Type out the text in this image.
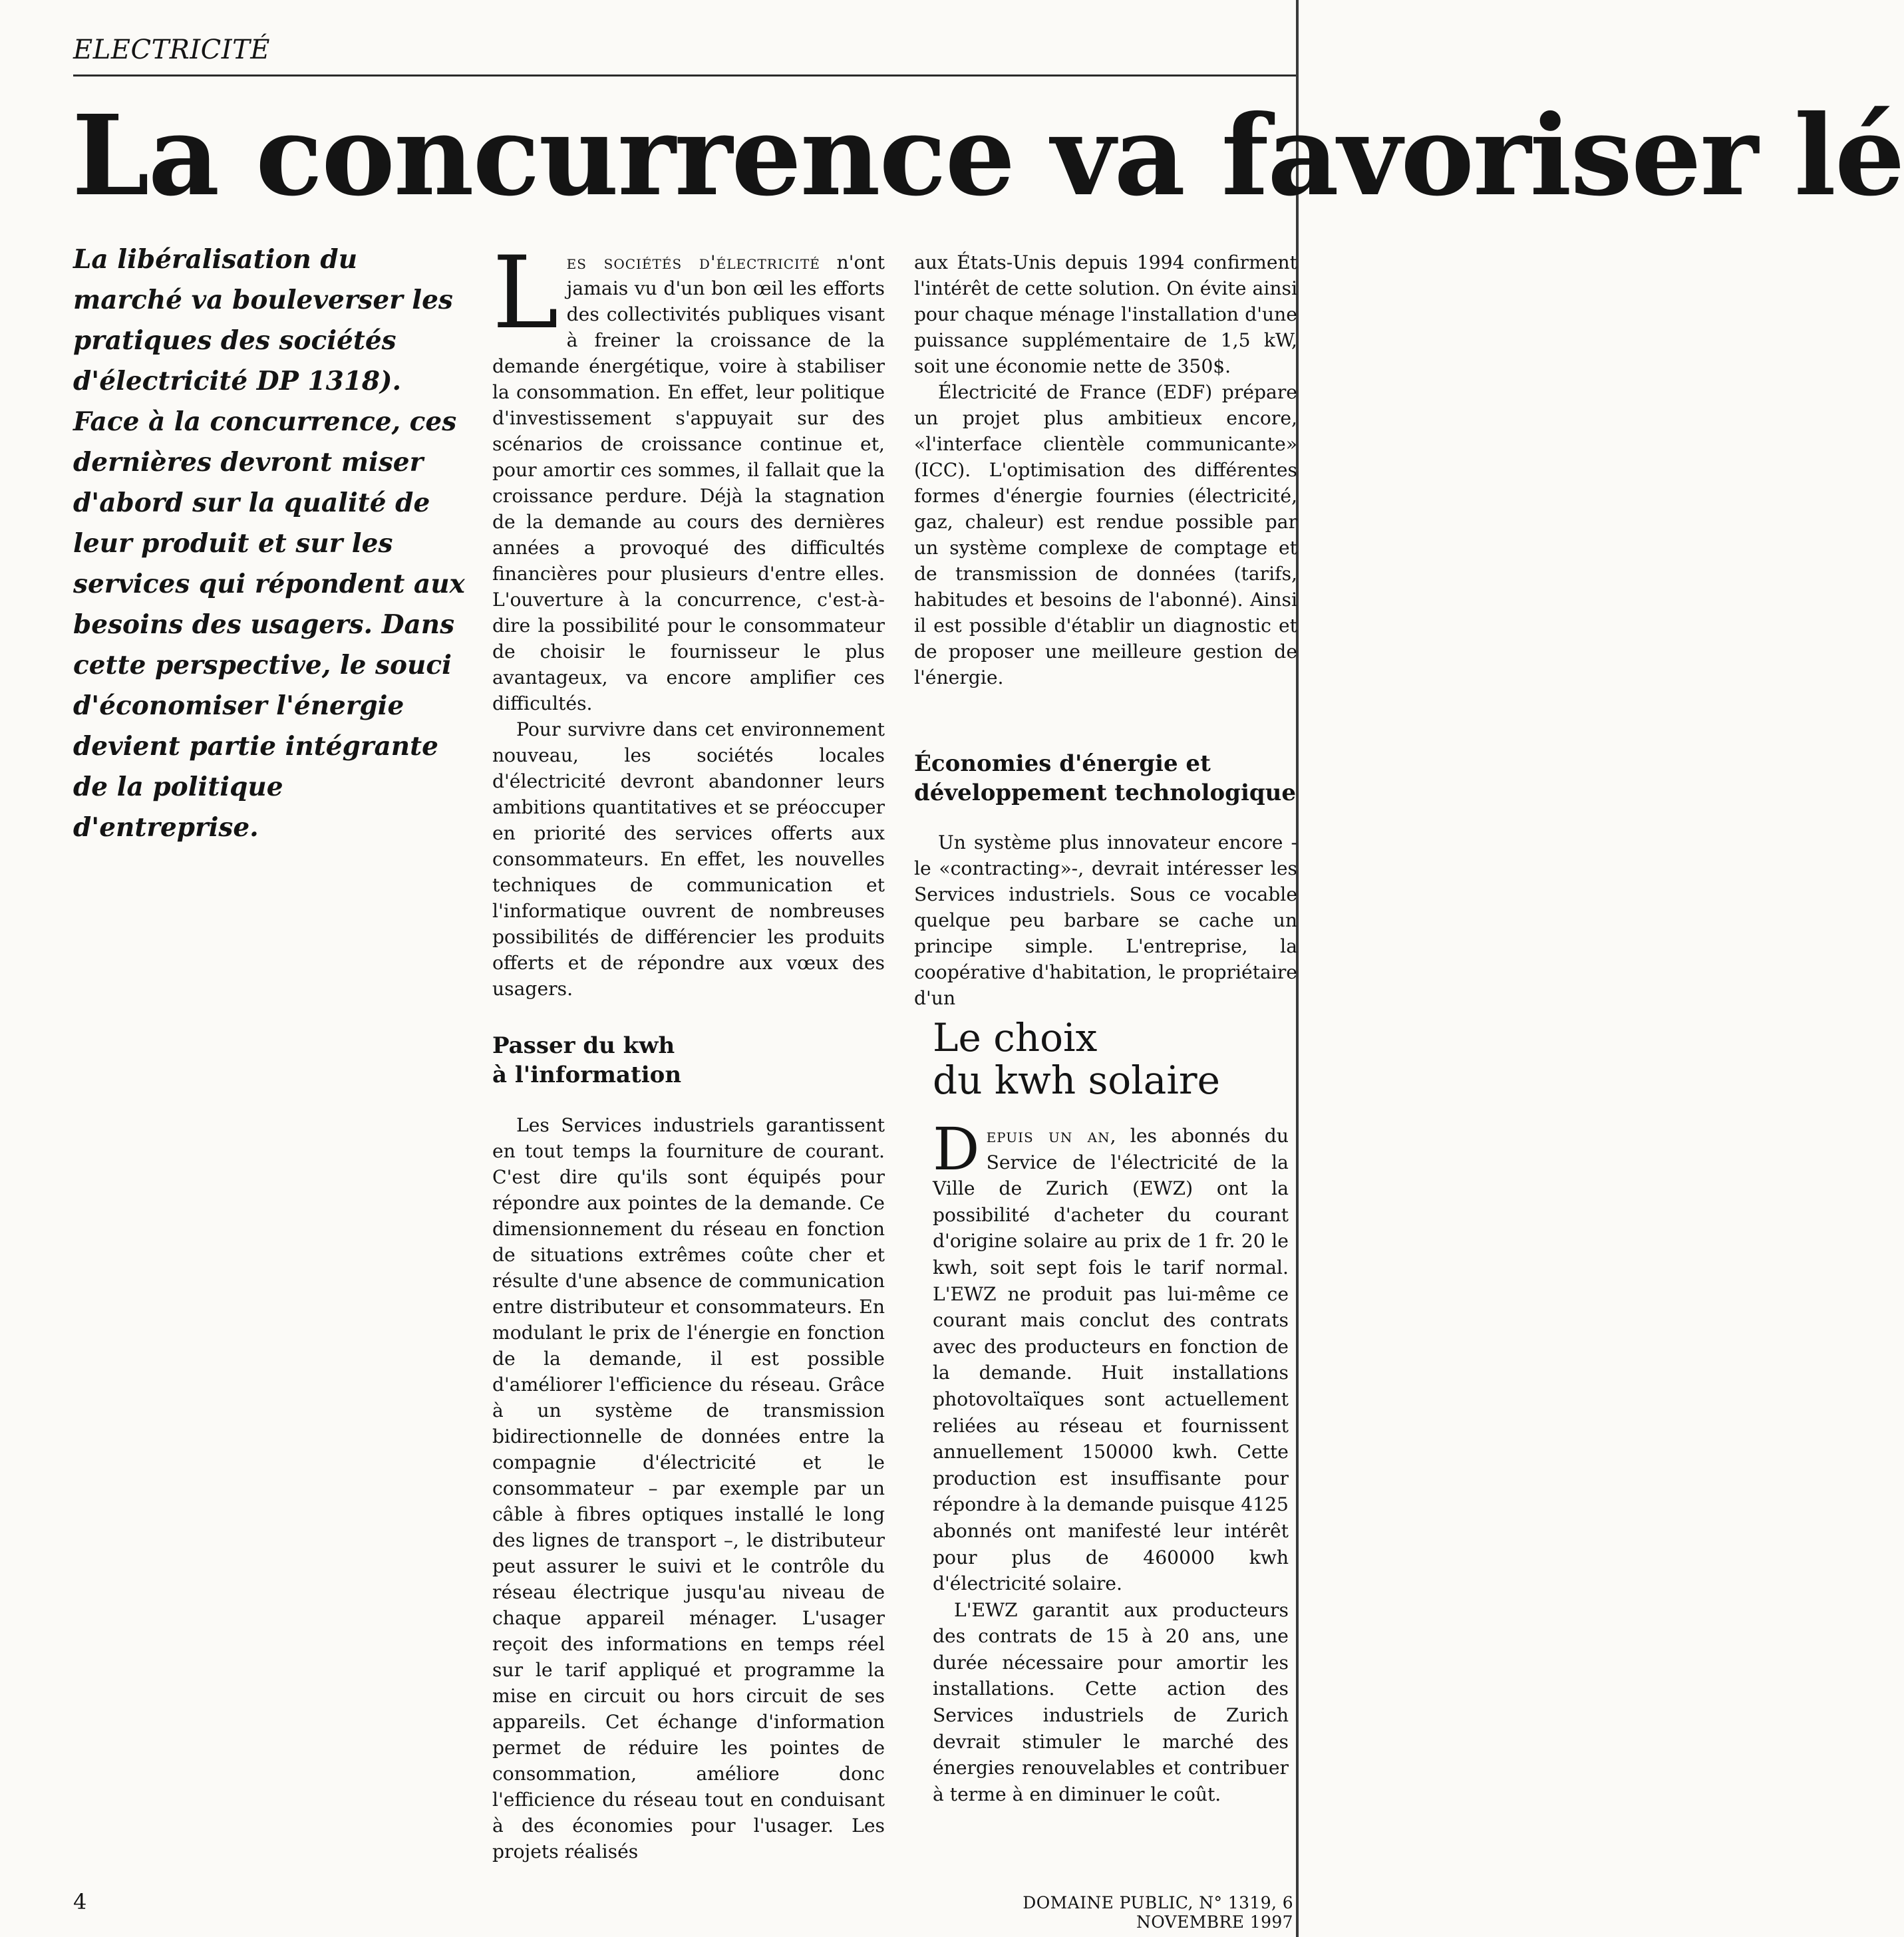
ELECTRICITÉ
La concurrence va favoriser lé

La libéralisation du marché va bouleverser les pratiques des sociétés d'électricité DP 1318).

Face à la concurrence, ces dernières devront miser d'abord sur la qualité de leur produit et sur les services qui répondent aux besoins des usagers. Dans cette perspective, le souci d'économiser l'énergie devient partie intégrante de la politique d'entreprise.

Les sociétés d'électricité n'ont jamais vu d'un bon œil les efforts des collectivités publiques visant à freiner la croissance de la demande énergétique, voire à stabiliser la consommation. En effet, leur politique d'investissement s'appuyait sur des scénarios de croissance continue et, pour amortir ces sommes, il fallait que la croissance perdure. Déjà la stagnation de la demande au cours des dernières années a provoqué des difficultés financières pour plusieurs d'entre elles. L'ouverture à la concurrence, c'est-à-dire la possibilité pour le consommateur de choisir le fournisseur le plus avantageux, va encore amplifier ces difficultés.

Pour survivre dans cet environnement nouveau, les sociétés locales d'électricité devront abandonner leurs ambitions quantitatives et se préoccuper en priorité des services offerts aux consommateurs. En effet, les nouvelles techniques de communication et l'informatique ouvrent de nombreuses possibilités de différencier les produits offerts et de répondre aux vœux des usagers.

Passer du kwh

à l'information

Les Services industriels garantissent en tout temps la fourniture de courant. C'est dire qu'ils sont équipés pour répondre aux pointes de la demande. Ce dimensionnement du réseau en fonction de situations extrêmes coûte cher et résulte d'une absence de communication entre distributeur et consommateurs. En modulant le prix de l'énergie en fonction de la demande, il est possible d'améliorer l'efficience du réseau. Grâce à un système de transmission bidirectionnelle de données entre la compagnie d'électricité et le consommateur – par exemple par un câble à fibres optiques installé le long des lignes de transport –, le distributeur peut assurer le suivi et le contrôle du réseau électrique jusqu'au niveau de chaque appareil ménager. L'usager reçoit des informations en temps réel sur le tarif appliqué et programme la mise en circuit ou hors circuit de ses appareils. Cet échange d'information permet de réduire les pointes de consommation, améliore donc l'efficience du réseau tout en conduisant à des économies pour l'usager. Les projets réalisés

aux États-Unis depuis 1994 confirment l'intérêt de cette solution. On évite ainsi pour chaque ménage l'installation d'une puissance supplémentaire de 1,5 kW, soit une économie nette de 350$.

Électricité de France (EDF) prépare un projet plus ambitieux encore, «l'interface clientèle communicante» (ICC). L'optimisation des différentes formes d'énergie fournies (électricité, gaz, chaleur) est rendue possible par un système complexe de comptage et de transmission de données (tarifs, habitudes et besoins de l'abonné). Ainsi il est possible d'établir un diagnostic et de proposer une meilleure gestion de l'énergie.

Économies d'énergie et

développement technologique

Un système plus innovateur encore - le «contracting»-, devrait intéresser les Services industriels. Sous ce vocable quelque peu barbare se cache un principe simple. L'entreprise, la coopérative d'habitation, le propriétaire d'un

Le choix
du kwh solaire

Depuis un an, les abonnés du Service de l'électricité de la Ville de Zurich (EWZ) ont la possibilité d'acheter du courant d'origine solaire au prix de 1 fr. 20 le kwh, soit sept fois le tarif normal. L'EWZ ne produit pas lui-même ce courant mais conclut des contrats avec des producteurs en fonction de la demande. Huit installations photovoltaïques sont actuellement reliées au réseau et fournissent annuellement 150000 kwh. Cette production est insuffisante pour répondre à la demande puisque 4125 abonnés ont manifesté leur intérêt pour plus de 460000 kwh d'électricité solaire.

L'EWZ garantit aux producteurs des contrats de 15 à 20 ans, une durée nécessaire pour amortir les installations. Cette action des Services industriels de Zurich devrait stimuler le marché des énergies renouvelables et contribuer à terme à en diminuer le coût.

4	DOMAINE PUBLIC, N° 1319, 6 NOVEMBRE 1997
